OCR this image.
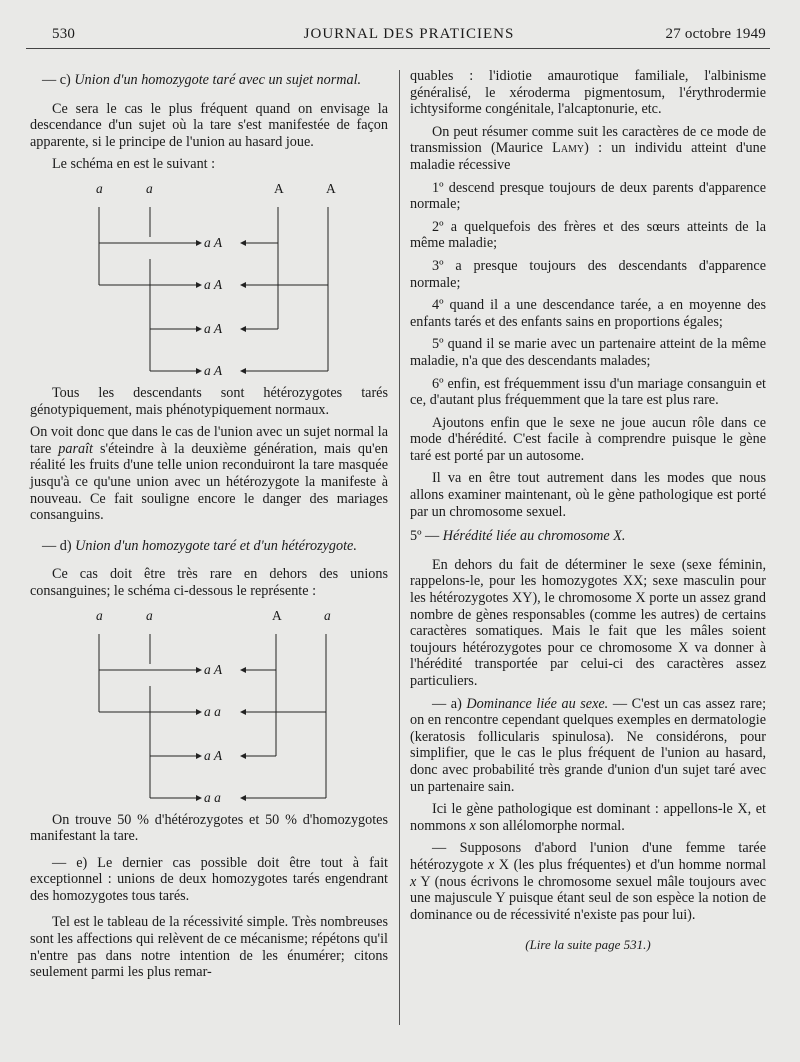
530	JOURNAL DES PRATICIENS	27 octobre 1949

— c) Union d'un homozygote taré avec un sujet normal.

Ce sera le cas le plus fréquent quand on envisage la descendance d'un sujet où la tare s'est manifestée de façon apparente, si le principe de l'union au hasard joue.

Le schéma en est le suivant :

a	a	A	A
a A
a A
a A
a A

Tous les descendants sont hétérozygotes tarés génotypiquement, mais phénotypiquement normaux.

On voit donc que dans le cas de l'union avec un sujet normal la tare paraît s'éteindre à la deuxième génération, mais qu'en réalité les fruits d'une telle union reconduiront la tare masquée jusqu'à ce qu'une union avec un hétérozygote la manifeste à nouveau. Ce fait souligne encore le danger des mariages consanguins.

— d) Union d'un homozygote taré et d'un hétérozygote.

Ce cas doit être très rare en dehors des unions consanguines; le schéma ci-dessous le représente :

a	a	A	a
a A
a a
a A
a a

On trouve 50 % d'hétérozygotes et 50 % d'homozygotes manifestant la tare.

— e) Le dernier cas possible doit être tout à fait exceptionnel : unions de deux homozygotes tarés engendrant des homozygotes tous tarés.

Tel est le tableau de la récessivité simple. Très nombreuses sont les affections qui relèvent de ce mécanisme; répétons qu'il n'entre pas dans notre intention de les énumérer; citons seulement parmi les plus remar-

quables : l'idiotie amaurotique familiale, l'albinisme généralisé, le xéroderma pigmentosum, l'érythrodermie ichtysiforme congénitale, l'alcaptonurie, etc.

On peut résumer comme suit les caractères de ce mode de transmission (Maurice Lamy) : un individu atteint d'une maladie récessive

1º descend presque toujours de deux parents d'apparence normale;

2º a quelquefois des frères et des sœurs atteints de la même maladie;

3º a presque toujours des descendants d'apparence normale;

4º quand il a une descendance tarée, a en moyenne des enfants tarés et des enfants sains en proportions égales;

5º quand il se marie avec un partenaire atteint de la même maladie, n'a que des descendants malades;

6º enfin, est fréquemment issu d'un mariage consanguin et ce, d'autant plus fréquemment que la tare est plus rare.

Ajoutons enfin que le sexe ne joue aucun rôle dans ce mode d'hérédité. C'est facile à comprendre puisque le gène taré est porté par un autosome.

Il va en être tout autrement dans les modes que nous allons examiner maintenant, où le gène pathologique est porté par un chromosome sexuel.

5º — Hérédité liée au chromosome X.

En dehors du fait de déterminer le sexe (sexe féminin, rappelons-le, pour les homozygotes XX; sexe masculin pour les hétérozygotes XY), le chromosome X porte un assez grand nombre de gènes responsables (comme les autres) de certains caractères somatiques. Mais le fait que les mâles soient toujours hétérozygotes pour ce chromosome X va donner à l'hérédité transportée par celui-ci des caractères assez particuliers.

— a) Dominance liée au sexe. — C'est un cas assez rare; on en rencontre cependant quelques exemples en dermatologie (keratosis follicularis spinulosa). Ne considérons, pour simplifier, que le cas le plus fréquent de l'union au hasard, donc avec probabilité très grande d'union d'un sujet taré avec un partenaire sain.

Ici le gène pathologique est dominant : appellons-le X, et nommons x son allélomorphe normal.

— Supposons d'abord l'union d'une femme tarée hétérozygote x X (les plus fréquentes) et d'un homme normal x Y (nous écrivons le chromosome sexuel mâle toujours avec une majuscule Y puisque étant seul de son espèce la notion de dominance ou de récessivité n'existe pas pour lui).

(Lire la suite page 531.)
